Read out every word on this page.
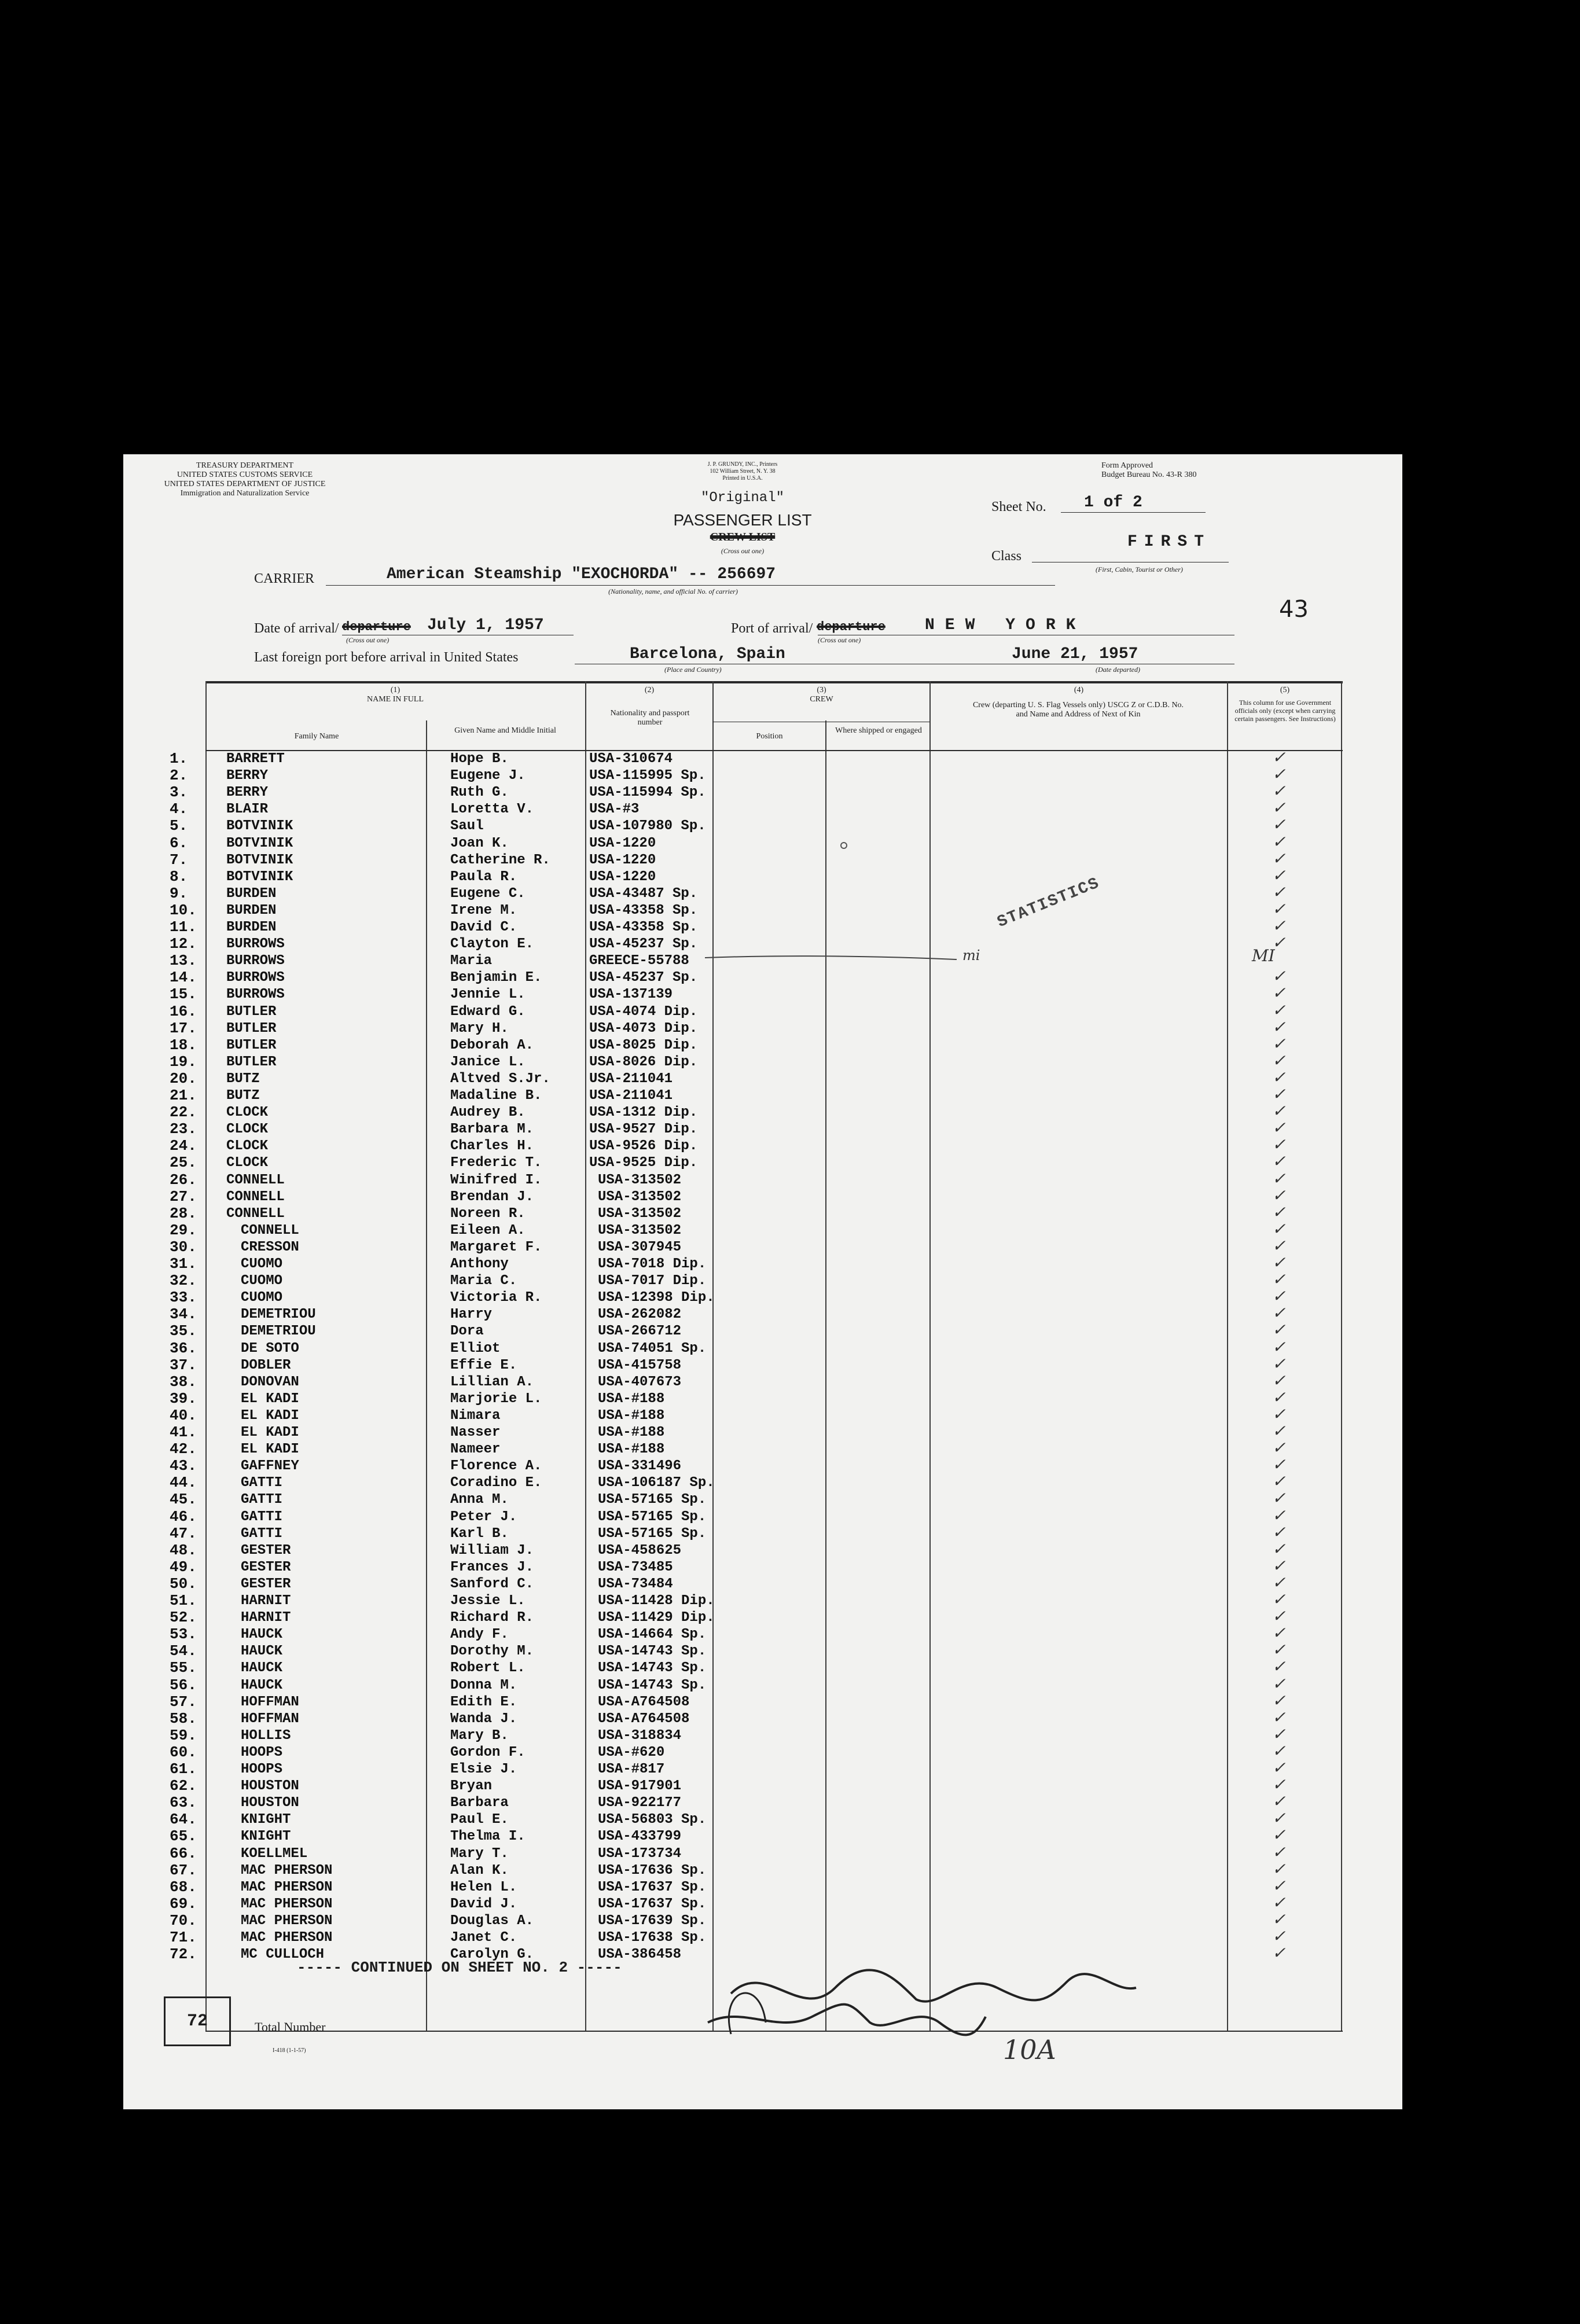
TREASURY DEPARTMENT
UNITED STATES CUSTOMS SERVICE
UNITED STATES DEPARTMENT OF JUSTICE
Immigration and Naturalization Service
J. P. GRUNDY, INC., Printers
102 William Street, N. Y. 38
Printed in U.S.A.
"Original"
PASSENGER LIST
CREW LIST
(Cross out one)
Form Approved
Budget Bureau No. 43-R 380
Sheet No. 1 of 2
Class
FIRST
(First, Cabin, Tourist or Other)
CARRIER	American Steamship "EXOCHORDA" -- 256697
(Nationality, name, and official No. of carrier)
Date of arrival/ departure July 1, 1957
(Cross out one)
Port of arrival/ departure NEW YORK
(Cross out one)
43
Last foreign port before arrival in United States	Barcelona, Spain
(Place and Country)
June 21, 1957
(Date departed)
(1)
NAME IN FULL
Family Name
Given Name and Middle Initial
(2)
Nationality and passport number
(3)
CREW
Position
Where shipped or engaged
(4)
Crew (departing U. S. Flag Vessels only) USCG Z or C.D.B. No. and Name and Address of Next of Kin
(5)
This column for use Government officials only (except when carrying certain passengers. See Instructions)
1.	BARRETT	Hope B.	USA-310674	✓
2.	BERRY	Eugene J.	USA-115995 Sp.	✓
3.	BERRY	Ruth G.	USA-115994 Sp.	✓
4.	BLAIR	Loretta V.	USA-#3	✓
5.	BOTVINIK	Saul	USA-107980 Sp.	✓
6.	BOTVINIK	Joan K.	USA-1220	✓
7.	BOTVINIK	Catherine R.	USA-1220	✓
8.	BOTVINIK	Paula R.	USA-1220	✓
9.	BURDEN	Eugene C.	USA-43487 Sp.	✓
10. BURDEN	Irene M.	USA-43358 Sp.	✓
11. BURDEN	David C.	USA-43358 Sp.	✓
12. BURROWS	Clayton E.	USA-45237 Sp.	✓
13. BURROWS	Maria	GREECE-55788
14. BURROWS	Benjamin E.	USA-45237 Sp.	✓
15. BURROWS	Jennie L.	USA-137139	✓
16. BUTLER	Edward G.	USA-4074 Dip.	✓
17. BUTLER	Mary H.	USA-4073 Dip.	✓
18. BUTLER	Deborah A.	USA-8025 Dip.	✓
19. BUTLER	Janice L.	USA-8026 Dip.	✓
20. BUTZ	Altved S.Jr.	USA-211041	✓
21. BUTZ	Madaline B.	USA-211041	✓
22. CLOCK	Audrey B.	USA-1312 Dip.	✓
23. CLOCK	Barbara M.	USA-9527 Dip.	✓
24. CLOCK	Charles H.	USA-9526 Dip.	✓
25. CLOCK	Frederic T.	USA-9525 Dip.	✓
26. CONNELL	Winifred I.	USA-313502	✓
27. CONNELL	Brendan J.	USA-313502	✓
28. CONNELL	Noreen R.	USA-313502	✓
29.	CONNELL	Eileen A.	USA-313502	✓
30.	CRESSON	Margaret F.	USA-307945	✓
31.	CUOMO	Anthony	USA-7018 Dip.	✓
32.	CUOMO	Maria C.	USA-7017 Dip.	✓
33.	CUOMO	Victoria R.	USA-12398 Dip.	✓
34.	DEMETRIOU	Harry	USA-262082	✓
35.	DEMETRIOU	Dora	USA-266712	✓
36.	DE SOTO	Elliot	USA-74051 Sp.	✓
37.	DOBLER	Effie E.	USA-415758	✓
38.	DONOVAN	Lillian A.	USA-407673	✓
39.	EL KADI	Marjorie L.	USA-#188	✓
40.	EL KADI	Nimara	USA-#188	✓
41.	EL KADI	Nasser	USA-#188	✓
42.	EL KADI	Nameer	USA-#188	✓
43.	GAFFNEY	Florence A.	USA-331496	✓
44.	GATTI	Coradino E.	USA-106187 Sp.	✓
45.	GATTI	Anna M.	USA-57165 Sp.	✓
46.	GATTI	Peter J.	USA-57165 Sp.	✓
47.	GATTI	Karl B.	USA-57165 Sp.	✓
48.	GESTER	William J.	USA-458625	✓
49.	GESTER	Frances J.	USA-73485	✓
50.	GESTER	Sanford C.	USA-73484	✓
51.	HARNIT	Jessie L.	USA-11428 Dip.	✓
52.	HARNIT	Richard R.	USA-11429 Dip.	✓
53.	HAUCK	Andy F.	USA-14664 Sp.	✓
54.	HAUCK	Dorothy M.	USA-14743 Sp.	✓
55.	HAUCK	Robert L.	USA-14743 Sp.	✓
56.	HAUCK	Donna M.	USA-14743 Sp.	✓
57.	HOFFMAN	Edith E.	USA-A764508	✓
58.	HOFFMAN	Wanda J.	USA-A764508	✓
59.	HOLLIS	Mary B.	USA-318834	✓
60.	HOOPS	Gordon F.	USA-#620	✓
61.	HOOPS	Elsie J.	USA-#817	✓
62.	HOUSTON	Bryan	USA-917901	✓
63.	HOUSTON	Barbara	USA-922177	✓
64.	KNIGHT	Paul E.	USA-56803 Sp.	✓
65.	KNIGHT	Thelma I.	USA-433799	✓
66.	KOELLMEL	Mary T.	USA-173734	✓
67.	MAC PHERSON	Alan K.	USA-17636 Sp.	✓
68.	MAC PHERSON	Helen L.	USA-17637 Sp.	✓
69.	MAC PHERSON	David J.	USA-17637 Sp.	✓
70.	MAC PHERSON	Douglas A.	USA-17639 Sp.	✓
71.	MAC PHERSON	Janet C.	USA-17638 Sp.	✓
72.	MC CULLOCH	Carolyn G.	USA-386458	✓
STATISTICS
mi	MI
----- CONTINUED ON SHEET NO. 2 -----
72	Total Number
I-418 (1-1-57)	10A
